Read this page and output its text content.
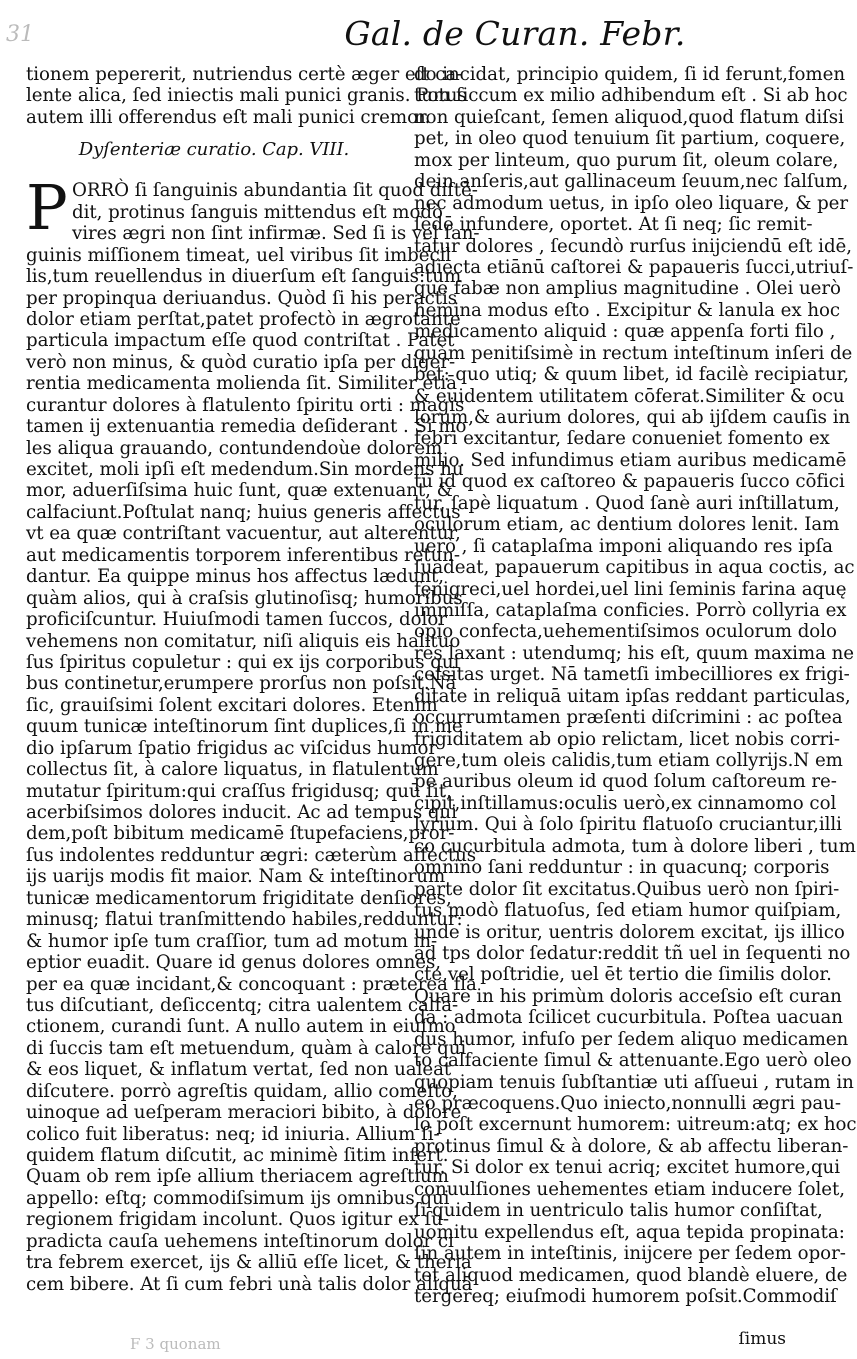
31	Gal. de Curan. Febr.
tionem pepererit, nutriendus certè æger eſt ca-
lente alica, ſed iniectis mali punici granis. Potus
autem illi offerendus eſt mali punici cremor.
Dyſenteriæ curatio. Cap. VIII.
P ORRÒ ſi ſanguinis abundantia ſit quod diſtē-
dit, protinus ſanguis mittendus eſt modò
vires ægri non ſint infirmæ. Sed ſi is vel ſan-
guinis miſſionem timeat, uel viribus ſit imbecil
lis,tum reuellendus in diuerſum eſt ſanguis:tum
per propinqua deriuandus. Quòd ſi his peractis
dolor etiam perſtat,patet profectò in ægrotante
particula impactum eſſe quod contriſtat . Patet
verò non minus, & quòd curatio ipſa per diger-
rentia medicamenta molienda ſit. Similiter etiā
curantur dolores à flatulento ſpiritu orti : magis
tamen ij extenuantia remedia deſiderant . Si mo
les aliqua grauando, contundendoùe dolorem
excitet, moli ipſi eſt medendum.Sin mordens hu
mor, aduerſiſsima huic ſunt, quæ extenuant, &
calfaciunt.Poſtulat nanq; huius generis affectus
vt ea quæ contriſtant vacuentur, aut alterentur,
aut medicamentis torporem inferentibus retun-
dantur. Ea quippe minus hos affectus lædunt,
quàm alios, qui à craſsis glutinoſisq; humoribus
proficiſcuntur. Huiuſmodi tamen ſuccos, dolor
vehemens non comitatur, niſi aliquis eis halituo
ſus ſpiritus copuletur : qui ex ijs corporibus qui
bus continetur,erumpere prorſus non poſsit.Nā
ſic, grauiſsimi ſolent excitari dolores. Etenim
quum tunicæ inteſtinorum ſint duplices,ſi in me
dio ipſarum ſpatio frigidus ac viſcidus humor
collectus ſit, à calore liquatus, in flatulentum
mutatur ſpiritum:qui craſſus frigidusq; quū ſit,
acerbiſsimos dolores inducit. Ac ad tempus qui
dem,poſt bibitum medicamē ſtupefaciens,pror-
ſus indolentes redduntur ægri: cæterùm affectus
ijs uarijs modis fit maior. Nam & inteſtinorum
tunicæ medicamentorum frigiditate denſiores,
minusq; flatui tranſmittendo habiles,redduntur:
& humor ipſe tum craſſior, tum ad motum in-
eptior euadit. Quare id genus dolores omnes,
per ea quæ incidant,& concoquant : præterea fla
tus diſcutiant, deſiccentq; citra ualentem calfa-
ctionem, curandi ſunt. A nullo autem in eiuſmo
di ſuccis tam eſt metuendum, quàm à calore qui
& eos liquet, & inflatum vertat, ſed non ualeat
diſcutere. porrò agreſtis quidam, allio comeſto,
uinoque ad ueſperam meraciori bibito, à dolore
colico fuit liberatus: neq; id iniuria. Allium ſi-
quidem flatum diſcutit, ac minimè ſitim infert.
Quam ob rem ipſe allium theriacem agreſtium
appello: eſtq; commodiſsimum ijs omnibus,qui
regionem frigidam incolunt. Quos igitur ex ſu-
pradicta cauſa uehemens inteſtinorum dolor ci
tra febrem exercet, ijs & alliū eſſe licet, & theria
cem bibere. At ſi cum febri unà talis dolor aliquā
do incidat, principio quidem, ſi id ferunt,fomen
tum ſiccum ex milio adhibendum eſt . Si ab hoc
non quieſcant, ſemen aliquod,quod flatum diſsi
pet, in oleo quod tenuium ſit partium, coquere,
mox per linteum, quo purum ſit, oleum colare,
dein anſeris,aut gallinaceum ſeuum,nec ſalſum,
nec admodum uetus, in ipſo oleo liquare, & per
ſedē infundere, oportet. At ſi neq; ſic remit-
tātur dolores , ſecundò rurſus inijciendū eſt idē,
adiecta etiānū caſtorei & papaueris ſucci,utriuſ-
que fabæ non amplius magnitudine . Olei uerò
hemina modus eſto . Excipitur & lanula ex hoc
medicamento aliquid : quæ appenſa forti filo ,
quàm penitiſsimè in rectum inteſtinum inſeri de
bet: quo utiq; & quum libet, id facilè recipiatur,
& euidentem utilitatem cōferat.Similiter & ocu
lorum,& aurium dolores, qui ab ijſdem cauſis in
febri excitantur, ſedare conueniet fomento ex
milio. Sed infundimus etiam auribus medicamē
tū id quod ex caſtoreo & papaueris ſucco cōfici
tur, ſapè liquatum . Quod ſanè auri inſtillatum,
oculorum etiam, ac dentium dolores lenit. Iam
uerò , ſi cataplaſma imponi aliquando res ipſa
ſuadeat, papauerum capitibus in aqua coctis, ac
fęnigreci,uel hordei,uel lini ſeminis farina aquę
immiſſa, cataplaſma conficies. Porrò collyria ex
opio confecta,uehementiſsimos oculorum dolo
res laxant : utendumq; his eſt, quum maxima ne
ceſsitas urget. Nā tametſi imbecilliores ex frigi-
ditate in reliquā uitam ipſas reddant particulas,
occurrumtamen præſenti diſcrimini : ac poſtea
frigiditatem ab opio relictam, licet nobis corri-
gere,tum oleis calidis,tum etiam collyrijs.N em
pe auribus oleum id quod ſolum caſtoreum re-
cipit,inſtillamus:oculis uerò,ex cinnamomo col
lyrium. Qui à ſolo ſpiritu flatuoſo cruciantur,illi
co cucurbitula admota, tum à dolore liberi , tum
omnino ſani redduntur : in quacunq; corporis
parte dolor ſit excitatus.Quibus uerò non ſpiri-
tus modò flatuoſus, ſed etiam humor quiſpiam,
unde is oritur, uentris dolorem excitat, ijs illico
ad tps dolor ſedatur:reddit tñ uel in ſequenti no
cte,vel poſtridie, uel ēt tertio die ſimilis dolor.
Quare in his primùm doloris acceſsio eſt curan
da : admota ſcilicet cucurbitula. Poſtea uacuan
dus humor, infuſo per ſedem aliquo medicamen
to calfaciente ſimul & attenuante.Ego uerò oleo
quopiam tenuis ſubſtantiæ uti aſſueui , rutam in
eo præcoquens.Quo iniecto,nonnulli ægri pau-
lo poſt excernunt humorem: uitreum:atq; ex hoc
protinus ſimul & à dolore, & ab affectu liberan-
tur. Si dolor ex tenui acriq; excitet humore,qui
conuulſiones uehementes etiam inducere ſolet,
ſi quidem in uentriculo talis humor conſiſtat,
uomitu expellendus eſt, aqua tepida propinata:
ſin autem in inteſtinis, inijcere per ſedem opor-
tet aliquod medicamen, quod blandè eluere, de
tergereq; eiuſmodi humorem poſsit.Commodiſ
F 3 quonam	ſimus
